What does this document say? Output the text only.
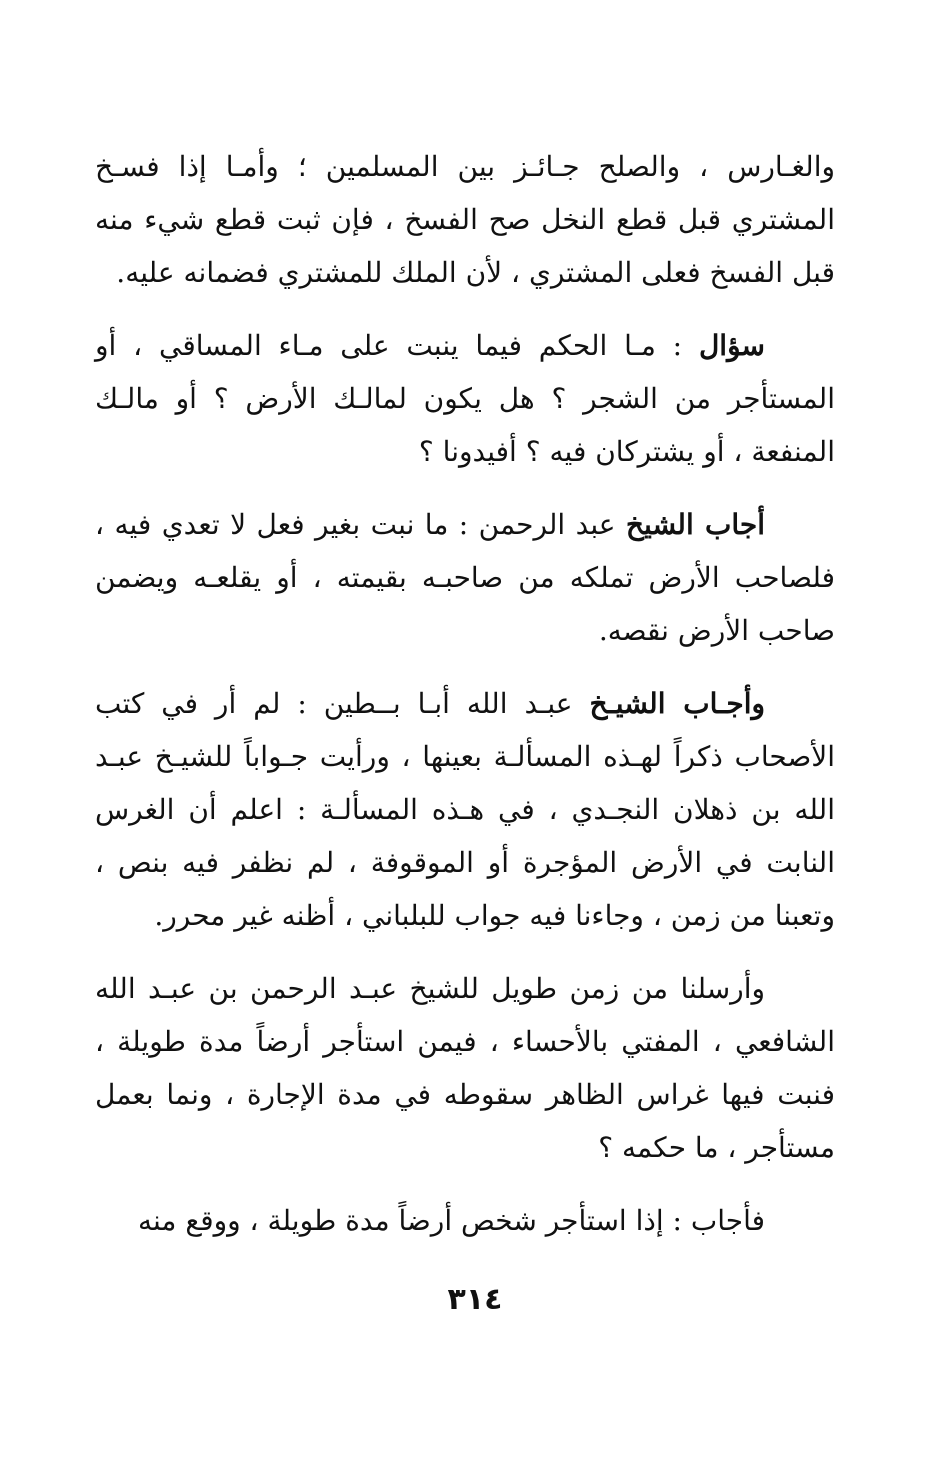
والغـارس ، والصلح جـائـز بين المسلمين ؛ وأمـا إذا فسـخ المشتري قبل قطع النخل صح الفسخ ، فإن ثبت قطع شيء منه قبل الفسخ فعلى المشتري ، لأن الملك للمشتري فضمانه عليه.

سؤال : مـا الحكم فيما ينبت على مـاء المساقي ، أو المستأجر من الشجر ؟ هل يكون لمالـك الأرض ؟ أو مالـك المنفعة ، أو يشتركان فيه ؟ أفيدونا ؟

أجاب الشيخ عبد الرحمن : ما نبت بغير فعل لا تعدي فيه ، فلصاحب الأرض تملكه من صاحبـه بقيمته ، أو يقلعـه ويضمن صاحب الأرض نقصه.

وأجـاب الشيـخ عبـد الله أبـا بــطين : لم أر في كتب الأصحاب ذكراً لهـذه المسألـة بعينها ، ورأيت جـواباً للشيـخ عبـد الله بن ذهلان النجـدي ، في هـذه المسألـة : اعلم أن الغرس النابت في الأرض المؤجرة أو الموقوفة ، لم نظفر فيه بنص ، وتعبنا من زمن ، وجاءنا فيه جواب للبلباني ، أظنه غير محرر.

وأرسلنا من زمن طويل للشيخ عبـد الرحمن بن عبـد الله الشافعي ، المفتي بالأحساء ، فيمن استأجر أرضاً مدة طويلة ، فنبت فيها غراس الظاهر سقوطه في مدة الإجارة ، ونما بعمل مستأجر ، ما حكمه ؟

فأجاب : إذا استأجر شخص أرضاً مدة طويلة ، ووقع منه

٣١٤
